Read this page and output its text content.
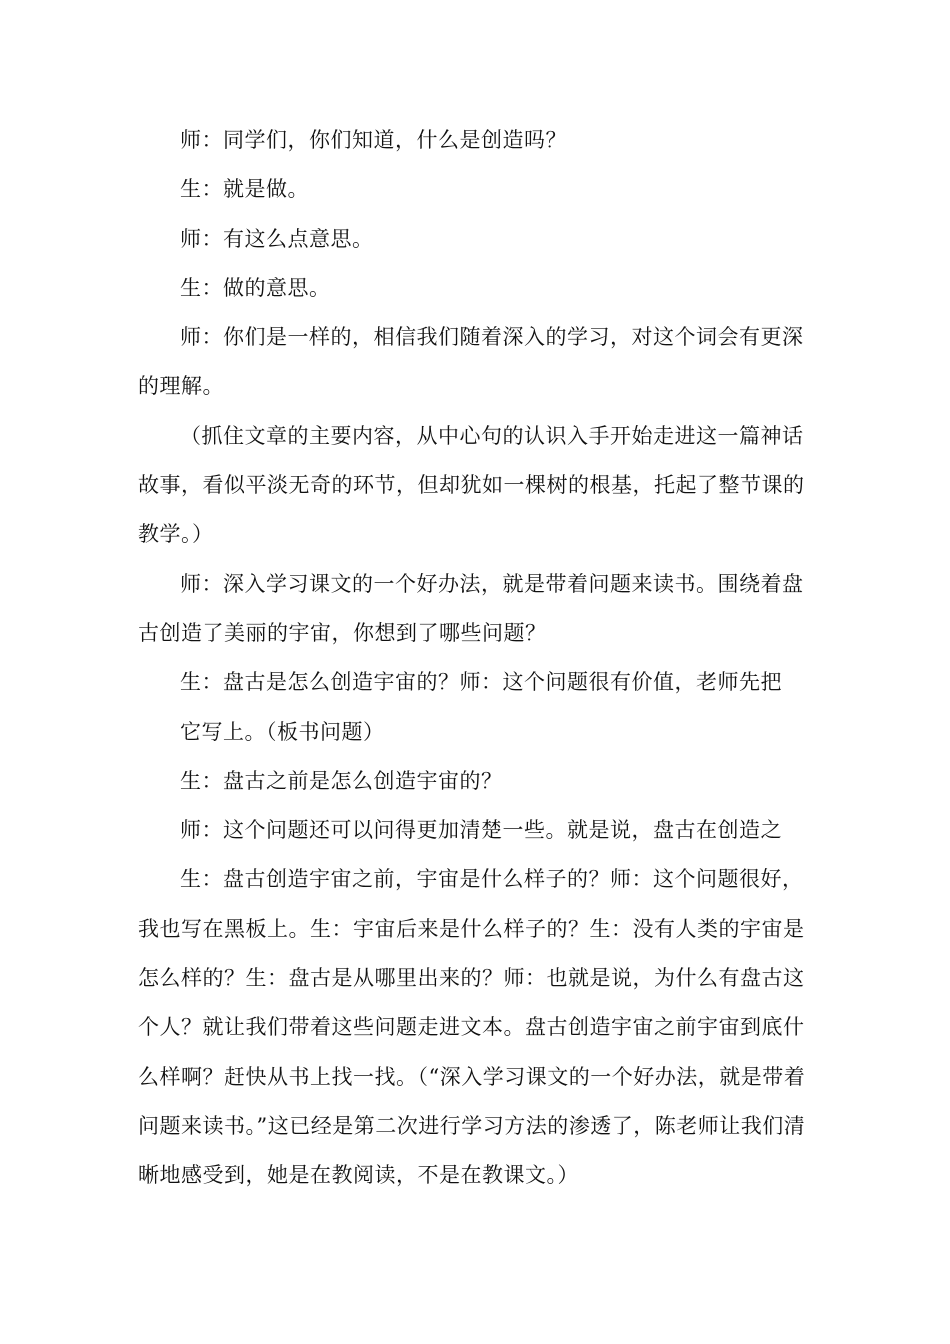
师：同学们，你们知道，什么是创造吗？

生：就是做。

师：有这么点意思。

生：做的意思。

师：你们是一样的，相信我们随着深入的学习，对这个词会有更深的理解。

（抓住文章的主要内容，从中心句的认识入手开始走进这一篇神话故事，看似平淡无奇的环节，但却犹如一棵树的根基，托起了整节课的教学。）

师：深入学习课文的一个好办法，就是带着问题来读书。围绕着盘古创造了美丽的宇宙，你想到了哪些问题？

生：盘古是怎么创造宇宙的？师：这个问题很有价值，老师先把

它写上。（板书问题）

生：盘古之前是怎么创造宇宙的？

师：这个问题还可以问得更加清楚一些。就是说，盘古在创造之

生：盘古创造宇宙之前，宇宙是什么样子的？师：这个问题很好，我也写在黑板上。生：宇宙后来是什么样子的？生：没有人类的宇宙是怎么样的？生：盘古是从哪里出来的？师：也就是说，为什么有盘古这个人？就让我们带着这些问题走进文本。盘古创造宇宙之前宇宙到底什么样啊？赶快从书上找一找。（“深入学习课文的一个好办法，就是带着问题来读书。”这已经是第二次进行学习方法的渗透了，陈老师让我们清晰地感受到，她是在教阅读，不是在教课文。）
